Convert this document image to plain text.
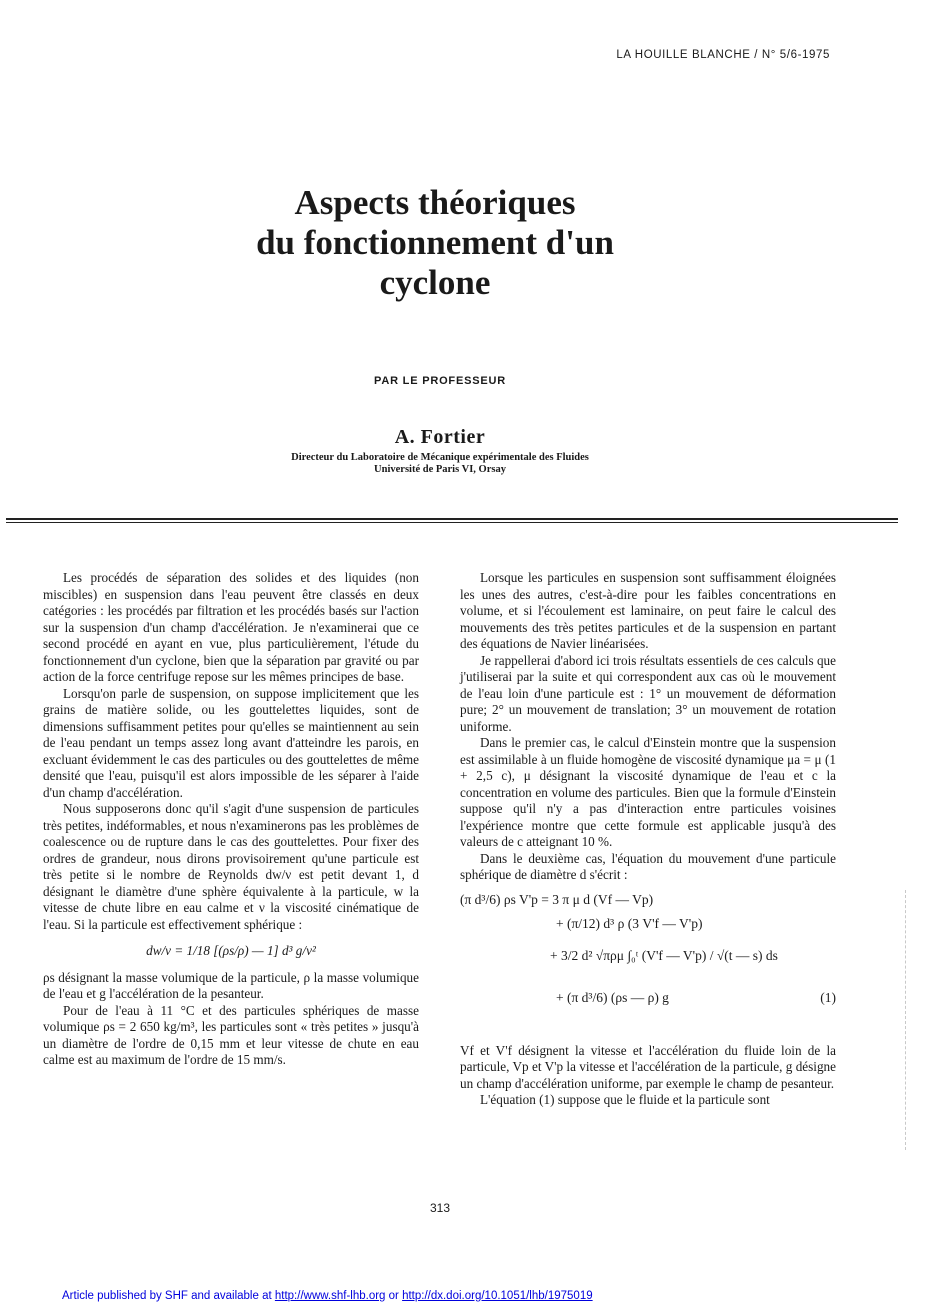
LA HOUILLE BLANCHE / N° 5/6-1975
Aspects théoriques
du fonctionnement d'un
cyclone
PAR LE PROFESSEUR
A. Fortier
Directeur du Laboratoire de Mécanique expérimentale des Fluides
Université de Paris VI, Orsay

Les procédés de séparation des solides et des liquides (non miscibles) en suspension dans l'eau peuvent être classés en deux catégories : les procédés par filtration et les procédés basés sur l'action sur la suspension d'un champ d'accélération. Je n'examinerai que ce second procédé en ayant en vue, plus particulièrement, l'étude du fonctionnement d'un cyclone, bien que la séparation par gravité ou par action de la force centrifuge repose sur les mêmes principes de base.

Lorsqu'on parle de suspension, on suppose implicitement que les grains de matière solide, ou les gouttelettes liquides, sont de dimensions suffisamment petites pour qu'elles se maintiennent au sein de l'eau pendant un temps assez long avant d'atteindre les parois, en excluant évidemment le cas des particules ou des gouttelettes de même densité que l'eau, puisqu'il est alors impossible de les séparer à l'aide d'un champ d'accélération.

Nous supposerons donc qu'il s'agit d'une suspension de particules très petites, indéformables, et nous n'examinerons pas les problèmes de coalescence ou de rupture dans le cas des gouttelettes. Pour fixer des ordres de grandeur, nous dirons provisoirement qu'une particule est très petite si le nombre de Reynolds dw/ν est petit devant 1, d désignant le diamètre d'une sphère équivalente à la particule, w la vitesse de chute libre en eau calme et ν la viscosité cinématique de l'eau. Si la particule est effectivement sphérique :

dw/ν = 1/18 [(ρs/ρ) — 1] d³ g/ν²

ρs désignant la masse volumique de la particule, ρ la masse volumique de l'eau et g l'accélération de la pesanteur.

Pour de l'eau à 11 °C et des particules sphériques de masse volumique ρs = 2 650 kg/m³, les particules sont « très petites » jusqu'à un diamètre de l'ordre de 0,15 mm et leur vitesse de chute en eau calme est au maximum de l'ordre de 15 mm/s.

Lorsque les particules en suspension sont suffisamment éloignées les unes des autres, c'est-à-dire pour les faibles concentrations en volume, et si l'écoulement est laminaire, on peut faire le calcul des mouvements des très petites particules et de la suspension en partant des équations de Navier linéarisées.

Je rappellerai d'abord ici trois résultats essentiels de ces calculs que j'utiliserai par la suite et qui correspondent aux cas où le mouvement de l'eau loin d'une particule est : 1° un mouvement de déformation pure; 2° un mouvement de translation; 3° un mouvement de rotation uniforme.

Dans le premier cas, le calcul d'Einstein montre que la suspension est assimilable à un fluide homogène de viscosité dynamique μa = μ (1 + 2,5 c), μ désignant la viscosité dynamique de l'eau et c la concentration en volume des particules. Bien que la formule d'Einstein suppose qu'il n'y a pas d'interaction entre particules voisines l'expérience montre que cette formule est applicable jusqu'à des valeurs de c atteignant 10 %.

Dans le deuxième cas, l'équation du mouvement d'une particule sphérique de diamètre d s'écrit :

(π d³/6) ρs V'p = 3 π μ d (Vf — Vp)
+ (π/12) d³ ρ (3 V'f — V'p)
+ 3/2 d² √πρμ ∫₀ᵗ (V'f — V'p) / √(t — s) ds
+ (π d³/6) (ρs — ρ) g	(1)

Vf et V'f désignent la vitesse et l'accélération du fluide loin de la particule, Vp et V'p la vitesse et l'accélération de la particule, g désigne un champ d'accélération uniforme, par exemple le champ de pesanteur.

L'équation (1) suppose que le fluide et la particule sont

313
Article published by SHF and available at http://www.shf-lhb.org or http://dx.doi.org/10.1051/lhb/1975019
